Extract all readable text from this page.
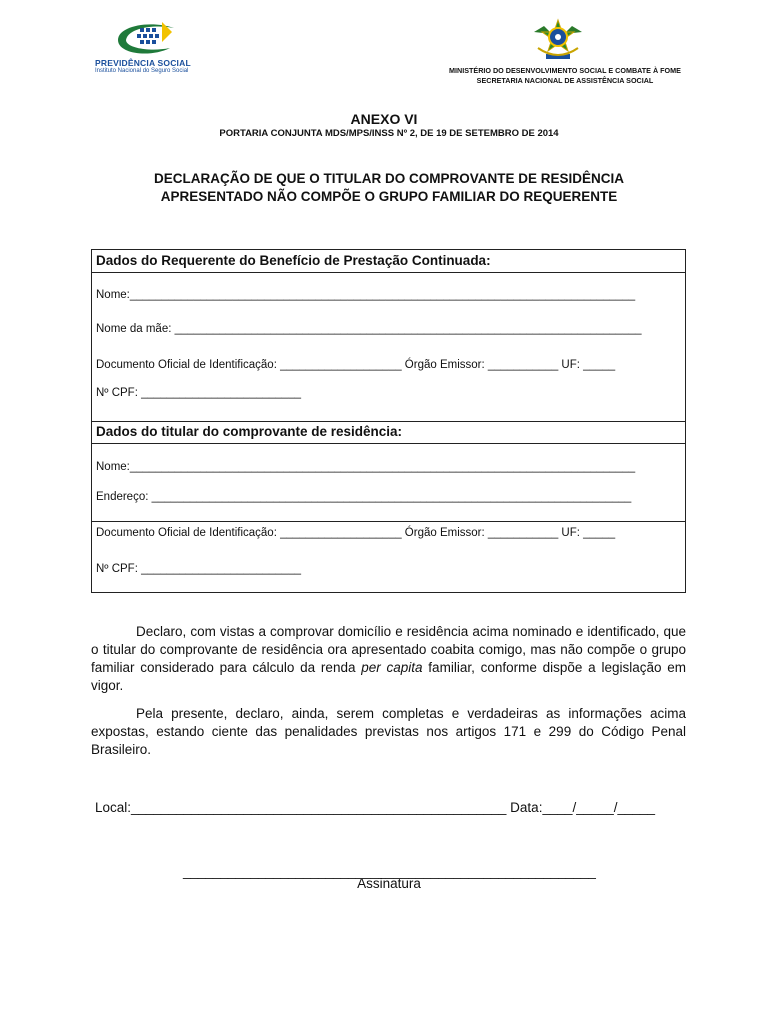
PREVIDÊNCIA SOCIAL
Instituto Nacional do Seguro Social	MINISTÉRIO DO DESENVOLVIMENTO SOCIAL E COMBATE À FOME
SECRETARIA NACIONAL DE ASSISTÊNCIA SOCIAL
ANEXO VI
PORTARIA CONJUNTA MDS/MPS/INSS Nº 2, DE 19 DE SETEMBRO DE 2014
DECLARAÇÃO DE QUE O TITULAR DO COMPROVANTE DE RESIDÊNCIA
APRESENTADO NÃO COMPÕE O GRUPO FAMILIAR DO REQUERENTE
Dados do Requerente do Benefício de Prestação Continuada:
Nome:_______________________________________________________________________________
Nome da mãe: _________________________________________________________________________
Documento Oficial de Identificação: ___________________ Órgão Emissor: ___________ UF: _____
Nº CPF: _________________________
Dados do titular do comprovante de residência:
Nome:_______________________________________________________________________________
Endereço: ___________________________________________________________________________
Documento Oficial de Identificação: ___________________ Órgão Emissor: ___________ UF: _____
Nº CPF: _________________________
Declaro, com vistas a comprovar domicílio e residência acima nominado e identificado, que o titular do comprovante de residência ora apresentado coabita comigo, mas não compõe o grupo familiar considerado para cálculo da renda per capita familiar, conforme dispõe a legislação em vigor.
Pela presente, declaro, ainda, serem completas e verdadeiras as informações acima expostas, estando ciente das penalidades previstas nos artigos 171 e 299 do Código Penal Brasileiro.
Local:__________________________________________________ Data:____/_____/_____
_______________________________________________________
Assinatura
